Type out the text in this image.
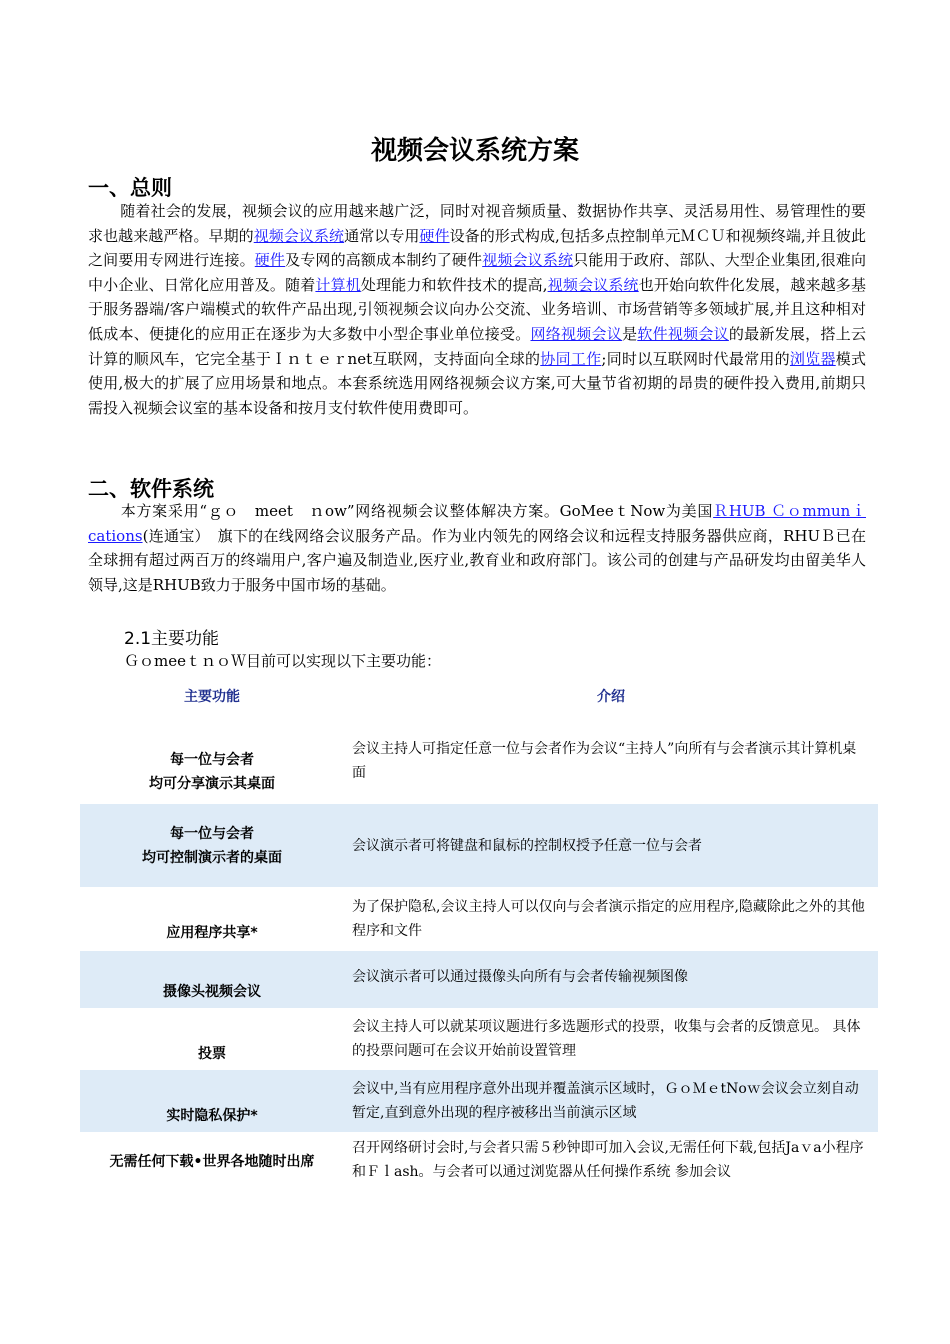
视频会议系统方案
一、总则
随着社会的发展，视频会议的应用越来越广泛，同时对视音频质量、数据协作共享、灵活易用性、易管理性的要求也越来越严格。早期的视频会议系统通常以专用硬件设备的形式构成,包括多点控制单元ＭＣＵ和视频终端,并且彼此之间要用专网进行连接。硬件及专网的高额成本制约了硬件视频会议系统只能用于政府、部队、大型企业集团,很难向中小企业、日常化应用普及。随着计算机处理能力和软件技术的提高,视频会议系统也开始向软件化发展，越来越多基于服务器端/客户端模式的软件产品出现,引领视频会议向办公交流、业务培训、市场营销等多领域扩展,并且这种相对低成本、便捷化的应用正在逐步为大多数中小型企事业单位接受。网络视频会议是软件视频会议的最新发展，搭上云计算的顺风车，它完全基于Ｉｎｔｅｒnet互联网，支持面向全球的协同工作;同时以互联网时代最常用的浏览器模式使用,极大的扩展了应用场景和地点。本套系统选用网络视频会议方案,可大量节省初期的昂贵的硬件投入费用,前期只需投入视频会议室的基本设备和按月支付软件使用费即可。
二、软件系统
本方案采用“ｇｏ　meet　ｎow”网络视频会议整体解决方案。GoMeeｔNow为美国ＲHUB Ｃｏmmunｉcations(连通宝）　旗下的在线网络会议服务产品。作为业内领先的网络会议和远程支持服务器供应商，RHUＢ已在全球拥有超过两百万的终端用户,客户遍及制造业,医疗业,教育业和政府部门。该公司的创建与产品研发均由留美华人领导,这是RHUB致力于服务中国市场的基础。
2.1主要功能
ＧｏmeeｔｎｏＷ目前可以实现以下主要功能：
主要功能	介绍
每一位与会者
均可分享演示其桌面	会议主持人可指定任意一位与会者作为会议“主持人”向所有与会者演示其计算机桌面
每一位与会者
均可控制演示者的桌面	会议演示者可将键盘和鼠标的控制权授予任意一位与会者
应用程序共享*	为了保护隐私,会议主持人可以仅向与会者演示指定的应用程序,隐藏除此之外的其他程序和文件
摄像头视频会议	会议演示者可以通过摄像头向所有与会者传输视频图像
投票	会议主持人可以就某项议题进行多选题形式的投票，收集与会者的反馈意见。 具体的投票问题可在会议开始前设置管理
实时隐私保护*	会议中,当有应用程序意外出现并覆盖演示区域时，ＧｏＭｅtNoｗ会议会立刻自动暂定,直到意外出现的程序被移出当前演示区域
无需任何下载•世界各地随时出席	召开网络研讨会时,与会者只需５秒钟即可加入会议,无需任何下载,包括Jaｖa小程序和Ｆｌash。与会者可以通过浏览器从任何操作系统 参加会议
